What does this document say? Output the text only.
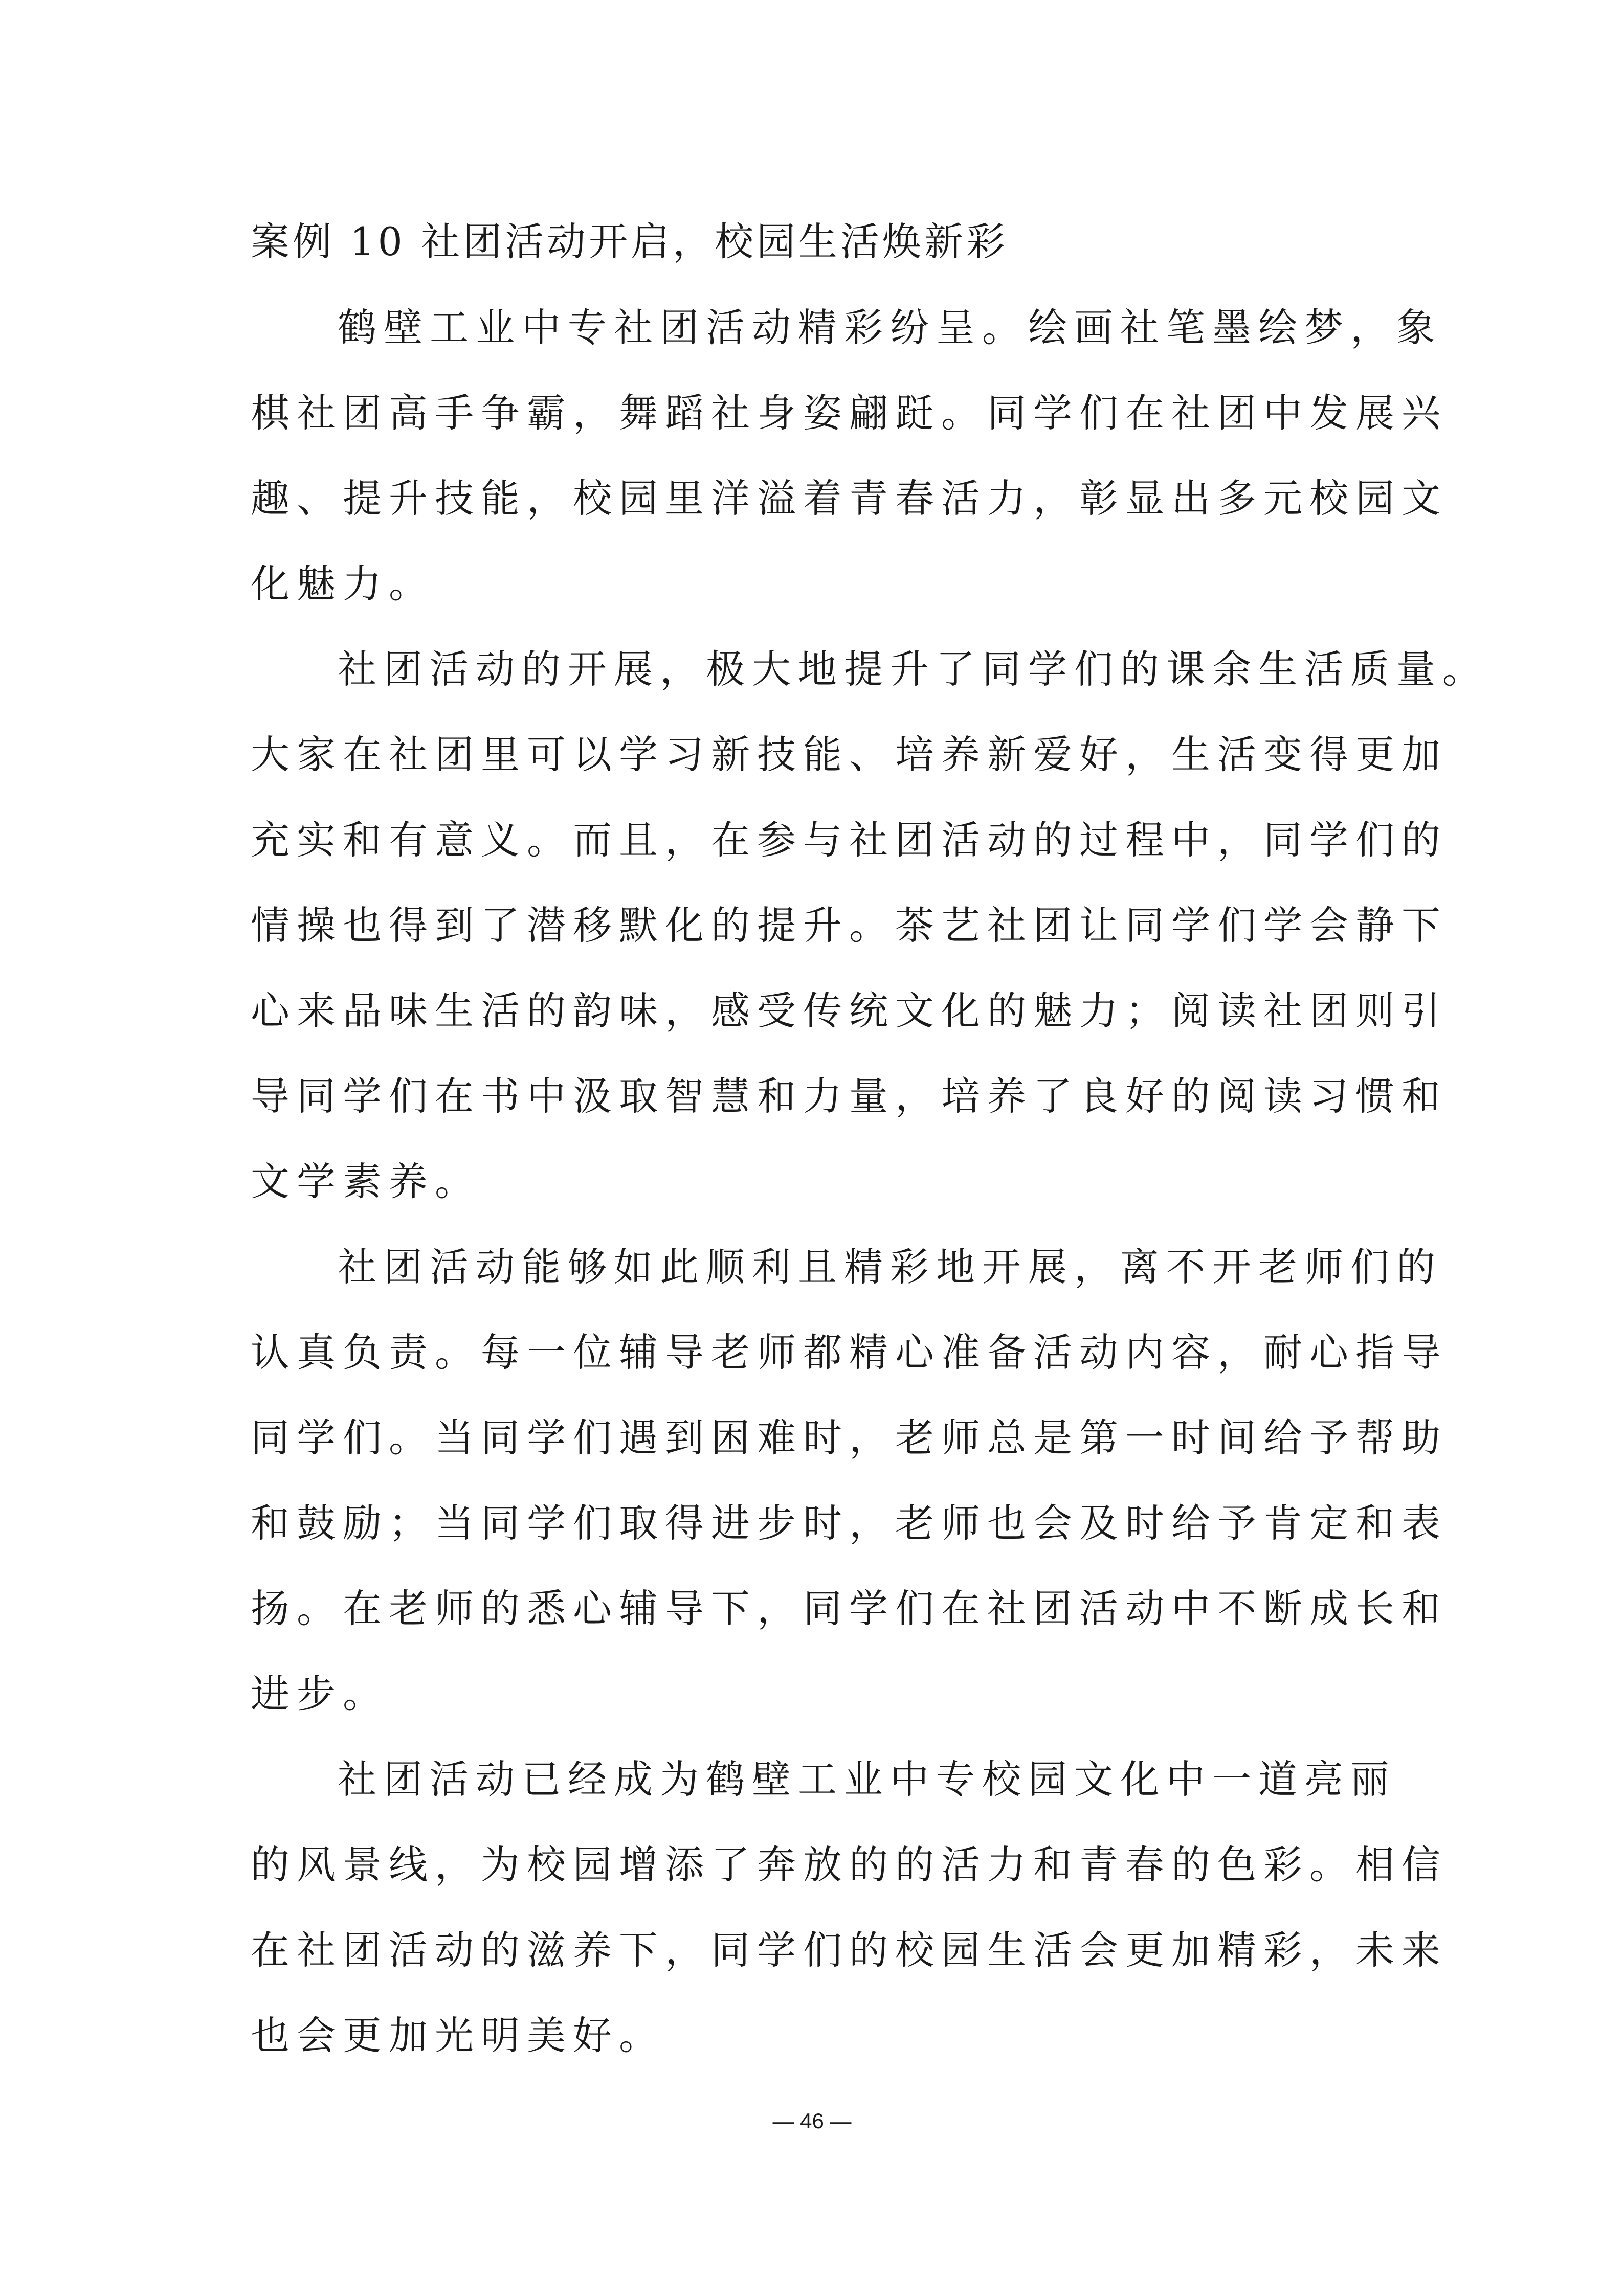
案例 10 社团活动开启，校园生活焕新彩
鹤壁工业中专社团活动精彩纷呈。绘画社笔墨绘梦，象
棋社团高手争霸，舞蹈社身姿翩跹。同学们在社团中发展兴
趣、提升技能，校园里洋溢着青春活力，彰显出多元校园文
化魅力。
社团活动的开展，极大地提升了同学们的课余生活质量。
大家在社团里可以学习新技能、培养新爱好，生活变得更加
充实和有意义。而且，在参与社团活动的过程中，同学们的
情操也得到了潜移默化的提升。茶艺社团让同学们学会静下
心来品味生活的韵味，感受传统文化的魅力；阅读社团则引
导同学们在书中汲取智慧和力量，培养了良好的阅读习惯和
文学素养。
社团活动能够如此顺利且精彩地开展，离不开老师们的
认真负责。每一位辅导老师都精心准备活动内容，耐心指导
同学们。当同学们遇到困难时，老师总是第一时间给予帮助
和鼓励；当同学们取得进步时，老师也会及时给予肯定和表
扬。在老师的悉心辅导下，同学们在社团活动中不断成长和
进步。
社团活动已经成为鹤壁工业中专校园文化中一道亮丽
的风景线，为校园增添了奔放的的活力和青春的色彩。相信
在社团活动的滋养下，同学们的校园生活会更加精彩，未来
也会更加光明美好。
— 46 —
